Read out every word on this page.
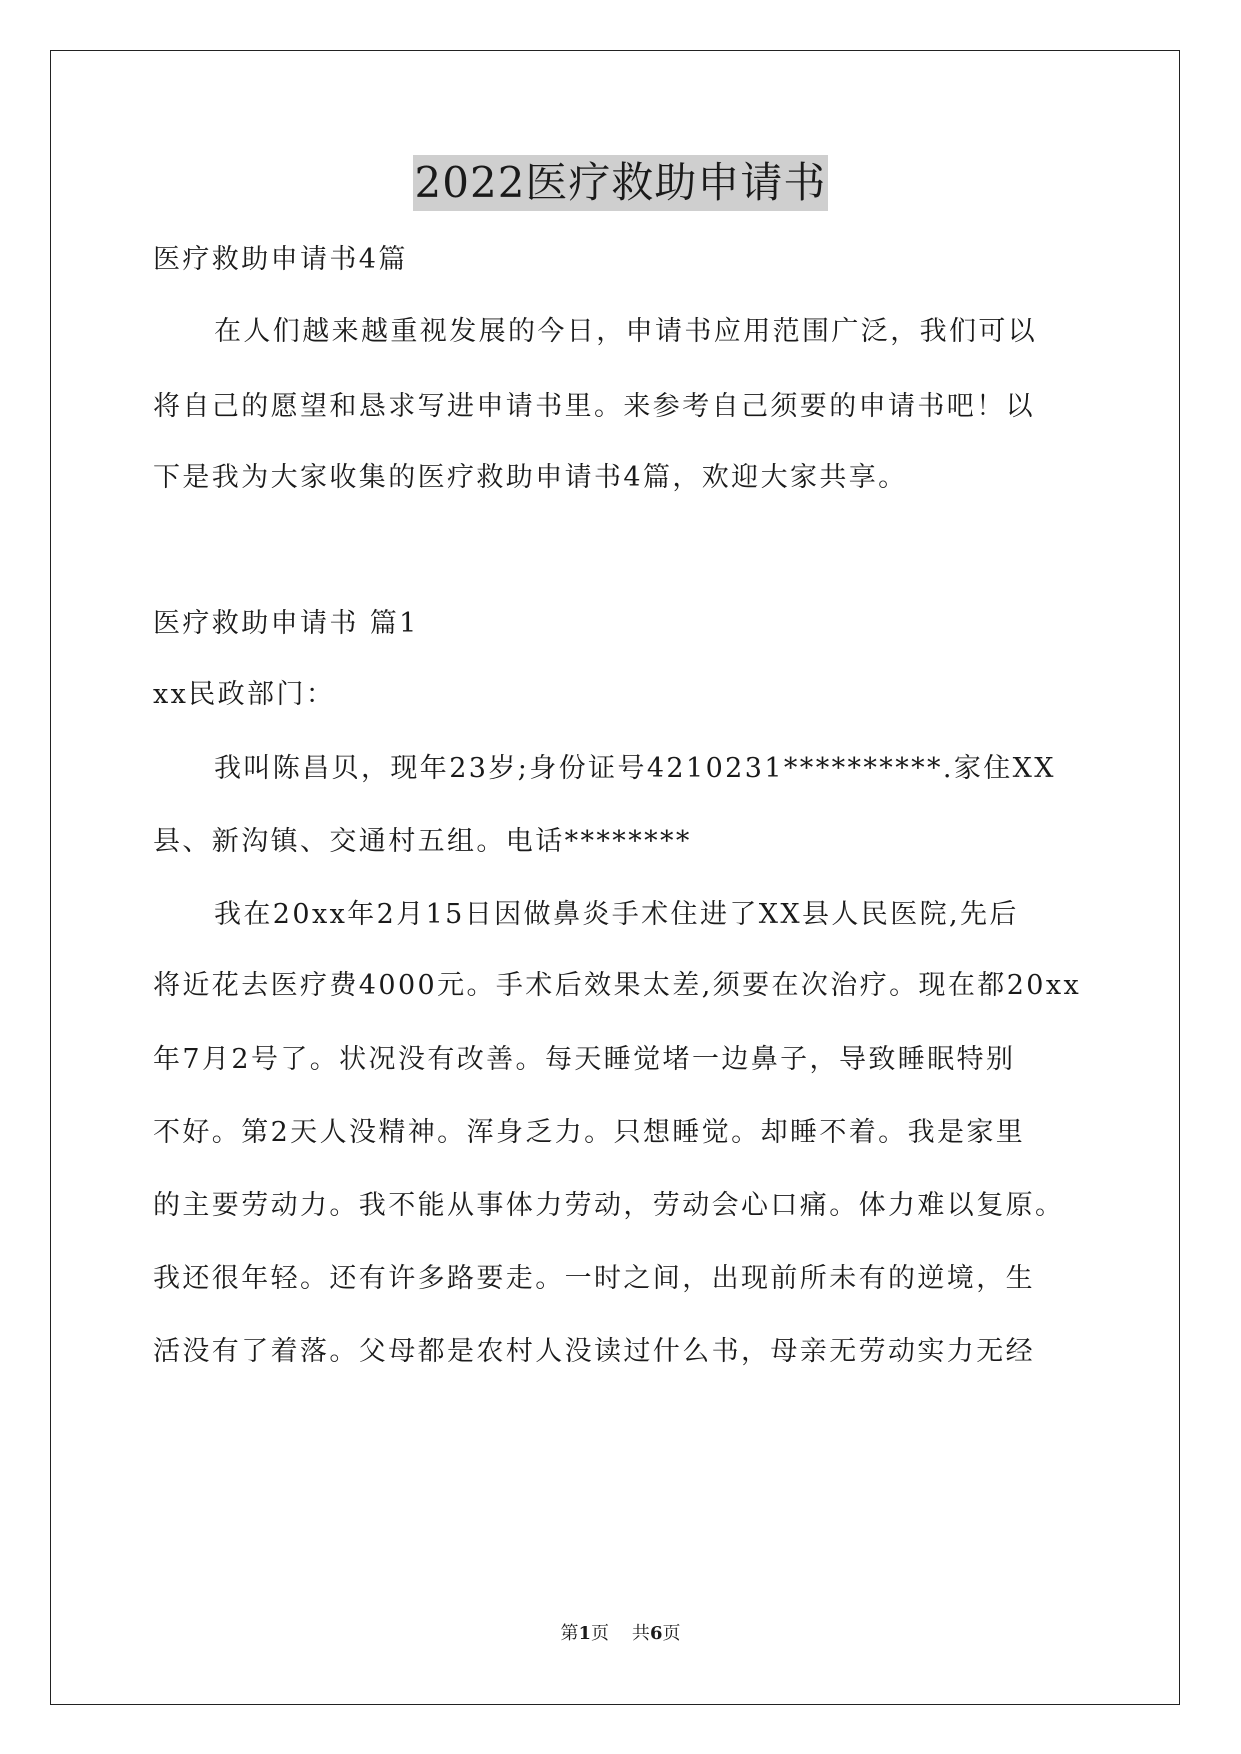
2022医疗救助申请书
医疗救助申请书4篇
在人们越来越重视发展的今日，申请书应用范围广泛，我们可以
将自己的愿望和恳求写进申请书里。来参考自己须要的申请书吧！以
下是我为大家收集的医疗救助申请书4篇，欢迎大家共享。
医疗救助申请书 篇1
xx民政部门：
我叫陈昌贝，现年23岁;身份证号4210231**********.家住XX
县、新沟镇、交通村五组。电话********
我在20xx年2月15日因做鼻炎手术住进了XX县人民医院,先后
将近花去医疗费4000元。手术后效果太差,须要在次治疗。现在都20xx
年7月2号了。状况没有改善。每天睡觉堵一边鼻子，导致睡眠特别
不好。第2天人没精神。浑身乏力。只想睡觉。却睡不着。我是家里
的主要劳动力。我不能从事体力劳动，劳动会心口痛。体力难以复原。
我还很年轻。还有许多路要走。一时之间，出现前所未有的逆境，生
活没有了着落。父母都是农村人没读过什么书，母亲无劳动实力无经
第1页    共6页
